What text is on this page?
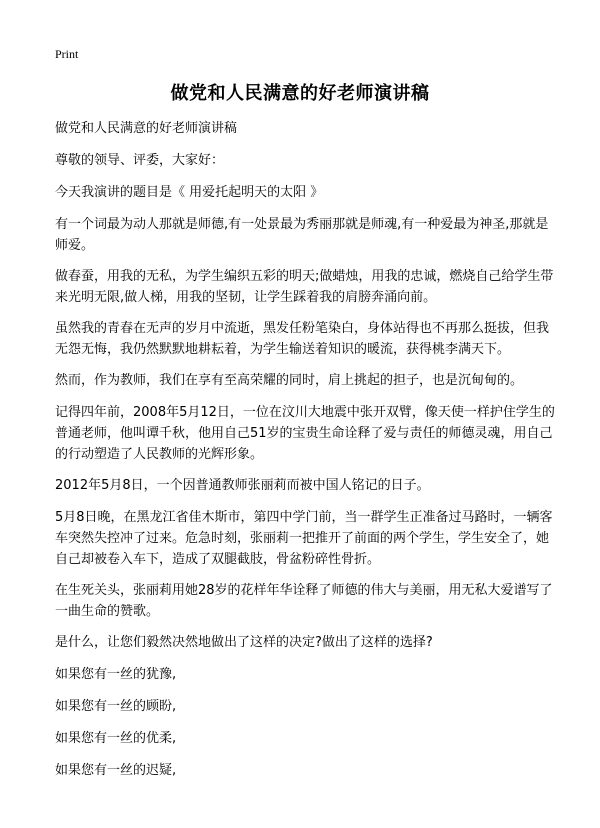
Print
做党和人民满意的好老师演讲稿

做党和人民满意的好老师演讲稿

尊敬的领导、评委，大家好：

今天我演讲的题目是《 用爱托起明天的太阳 》

有一个词最为动人那就是师德,有一处景最为秀丽那就是师魂,有一种爱最为神圣,那就是师爱。

做春蚕，用我的无私，为学生编织五彩的明天;做蜡烛，用我的忠诚，燃烧自己给学生带来光明无限,做人梯，用我的坚韧，让学生踩着我的肩膀奔涌向前。

虽然我的青春在无声的岁月中流逝，黑发任粉笔染白，身体站得也不再那么挺拔，但我无怨无悔，我仍然默默地耕耘着，为学生输送着知识的暖流，获得桃李满天下。

然而，作为教师，我们在享有至高荣耀的同时，肩上挑起的担子，也是沉甸甸的。

记得四年前，2008年5月12日，一位在汶川大地震中张开双臂，像天使一样护住学生的普通老师，他叫谭千秋，他用自己51岁的宝贵生命诠释了爱与责任的师德灵魂，用自己的行动塑造了人民教师的光辉形象。

2012年5月8日，一个因普通教师张丽莉而被中国人铭记的日子。

5月8日晚，在黑龙江省佳木斯市，第四中学门前，当一群学生正准备过马路时，一辆客车突然失控冲了过来。危急时刻，张丽莉一把推开了前面的两个学生，学生安全了，她自己却被卷入车下，造成了双腿截肢，骨盆粉碎性骨折。

在生死关头，张丽莉用她28岁的花样年华诠释了师德的伟大与美丽，用无私大爱谱写了一曲生命的赞歌。

是什么，让您们毅然决然地做出了这样的决定?做出了这样的选择?

如果您有一丝的犹豫,

如果您有一丝的顾盼,

如果您有一丝的优柔,

如果您有一丝的迟疑,
